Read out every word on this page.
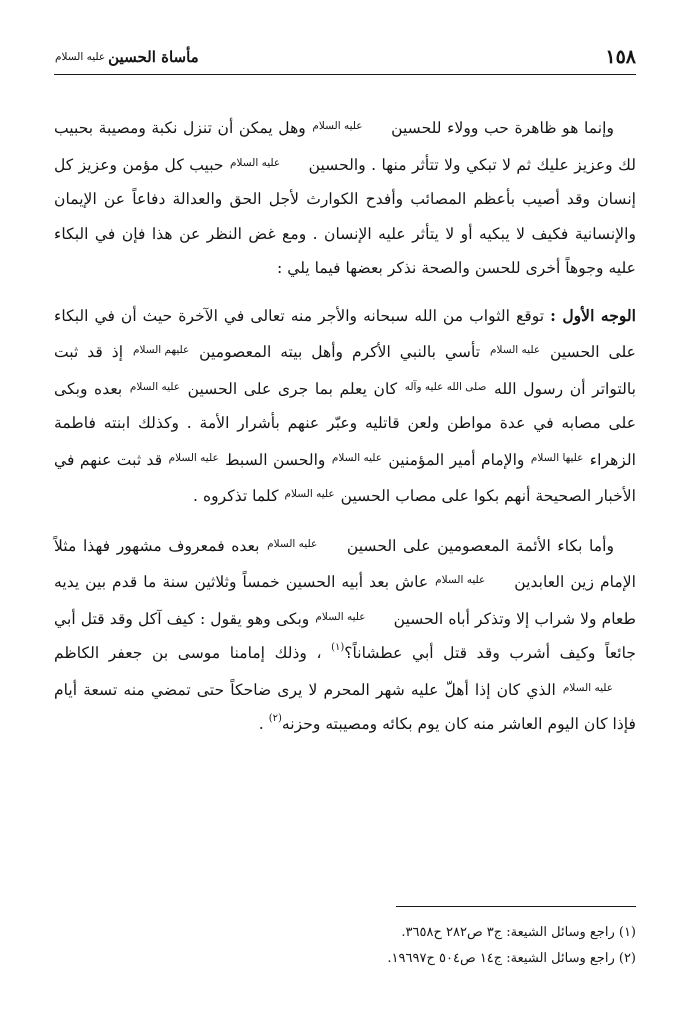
١٥٨
مأساة الحسين
عليه السلام

وإنما هو ظاهرة حب وولاء للحسين عليه السلام وهل يمكن أن تنزل نكبة ومصيبة بحبيب لك وعزيز عليك ثم لا تبكي ولا تتأثر منها . والحسين عليه السلام حبيب كل مؤمن وعزيز كل إنسان وقد أصيب بأعظم المصائب وأفدح الكوارث لأجل الحق والعدالة دفاعاً عن الإيمان والإنسانية فكيف لا يبكيه أو لا يتأثر عليه الإنسان . ومع غض النظر عن هذا فإن في البكاء عليه وجوهاً أخرى للحسن والصحة نذكر بعضها فيما يلي :

الوجه الأول : توقع الثواب من الله سبحانه والأجر منه تعالى في الآخرة حيث أن في البكاء على الحسين عليه السلام تأسي بالنبي الأكرم وأهل بيته المعصومين عليهم السلام إذ قد ثبت بالتواتر أن رسول الله صلى الله عليه وآله كان يعلم بما جرى على الحسين عليه السلام بعده وبكى على مصابه في عدة مواطن ولعن قاتليه وعبّر عنهم بأشرار الأمة . وكذلك ابنته فاطمة الزهراء عليها السلام والإمام أمير المؤمنين عليه السلام والحسن السبط عليه السلام قد ثبت عنهم في الأخبار الصحيحة أنهم بكوا على مصاب الحسين عليه السلام كلما تذكروه .

وأما بكاء الأئمة المعصومين على الحسين عليه السلام بعده فمعروف مشهور فهذا مثلاً الإمام زين العابدين عليه السلام عاش بعد أبيه الحسين خمساً وثلاثين سنة ما قدم بين يديه طعام ولا شراب إلا وتذكر أباه الحسين عليه السلام وبكى وهو يقول : كيف آكل وقد قتل أبي جائعاً وكيف أشرب وقد قتل أبي عطشاناً؟$^{(١)}$ ، وذلك إمامنا موسى بن جعفر الكاظم عليه السلام الذي كان إذا أهلّ عليه شهر المحرم لا يرى ضاحكاً حتى تمضي منه تسعة أيام فإذا كان اليوم العاشر منه كان يوم بكائه ومصيبته وحزنه$^{(٢)}$ .

(١) راجع وسائل الشيعة: ج٣ ص٢٨٢ ح٣٦٥٨.

(٢) راجع وسائل الشيعة: ج١٤ ص٥٠٤ ح١٩٦٩٧.
